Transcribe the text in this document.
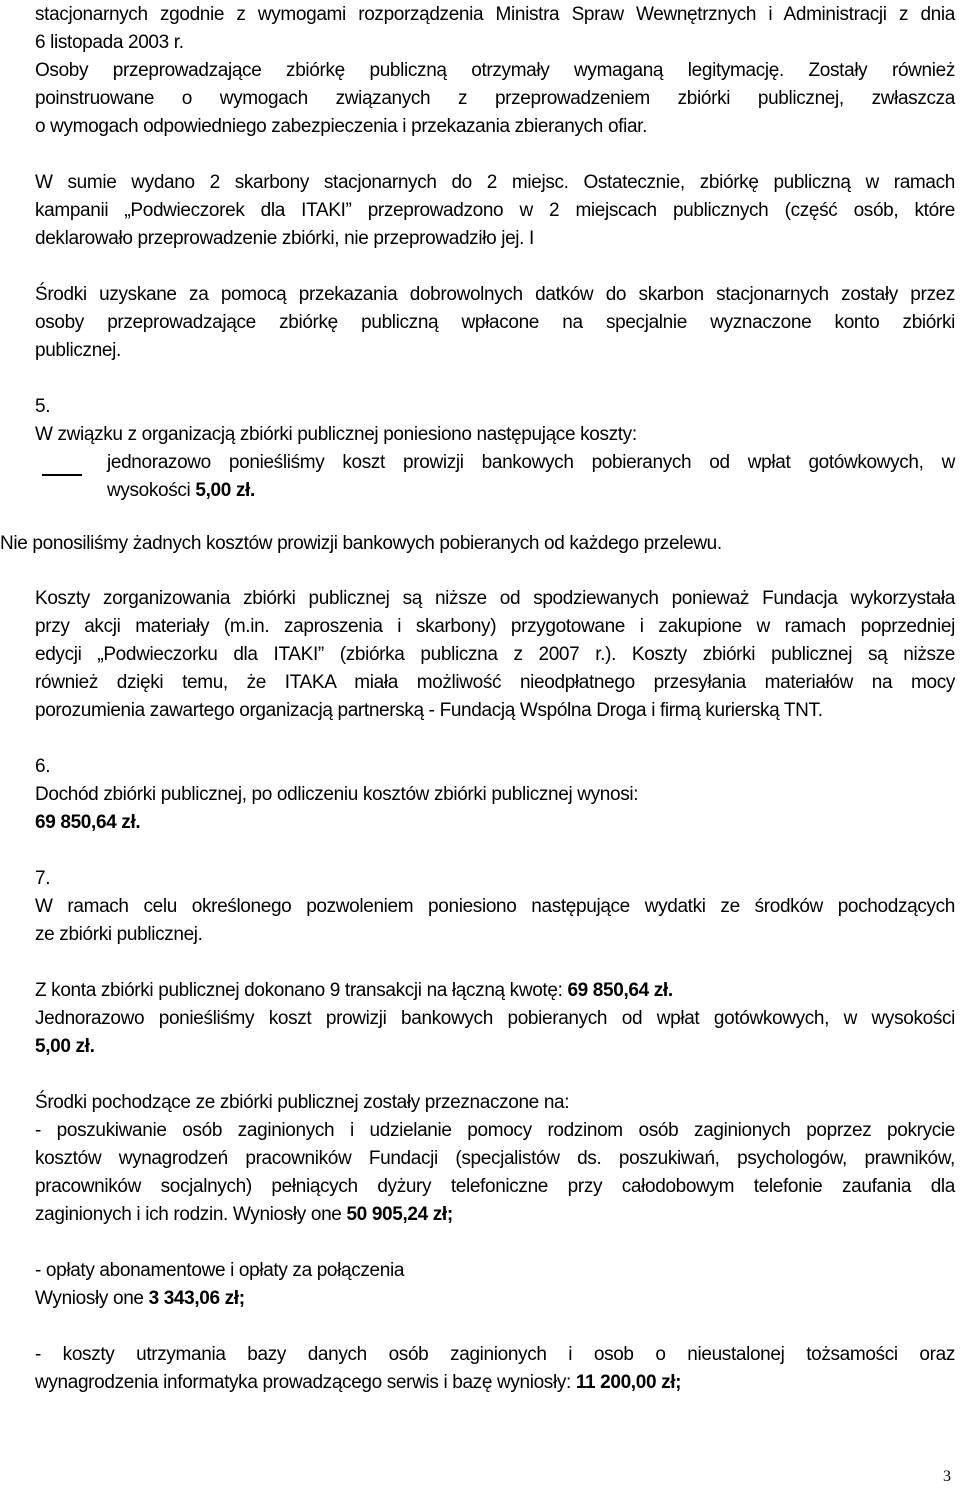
stacjonarnych zgodnie z wymogami rozporządzenia Ministra Spraw Wewnętrznych i Administracji z dnia
6 listopada 2003 r.
Osoby przeprowadzające zbiórkę publiczną otrzymały wymaganą legitymację. Zostały również
poinstruowane o wymogach związanych z przeprowadzeniem zbiórki publicznej, zwłaszcza
o wymogach odpowiedniego zabezpieczenia i przekazania zbieranych ofiar.
W sumie wydano 2 skarbony stacjonarnych do 2 miejsc. Ostatecznie, zbiórkę publiczną w ramach
kampanii „Podwieczorek dla ITAKI” przeprowadzono w 2 miejscach publicznych (część osób, które
deklarowało przeprowadzenie zbiórki, nie przeprowadziło jej. I
Środki uzyskane za pomocą przekazania dobrowolnych datków do skarbon stacjonarnych zostały przez
osoby przeprowadzające zbiórkę publiczną wpłacone na specjalnie wyznaczone konto zbiórki
publicznej.
5.
W związku z organizacją zbiórki publicznej poniesiono następujące koszty:
jednorazowo ponieśliśmy koszt prowizji bankowych pobieranych od wpłat gotówkowych, w
wysokości 5,00 zł.
Nie ponosiliśmy żadnych kosztów prowizji bankowych pobieranych od każdego przelewu.
Koszty zorganizowania zbiórki publicznej są niższe od spodziewanych ponieważ Fundacja wykorzystała
przy akcji materiały (m.in. zaproszenia i skarbony) przygotowane i zakupione w ramach poprzedniej
edycji „Podwieczorku dla ITAKI” (zbiórka publiczna z 2007 r.). Koszty zbiórki publicznej są niższe
również dzięki temu, że ITAKA miała możliwość nieodpłatnego przesyłania materiałów na mocy
porozumienia zawartego organizacją partnerską - Fundacją Wspólna Droga i firmą kurierską TNT.
6.
Dochód zbiórki publicznej, po odliczeniu kosztów zbiórki publicznej wynosi:
69 850,64 zł.
7.
W ramach celu określonego pozwoleniem poniesiono następujące wydatki ze środków pochodzących
ze zbiórki publicznej.
Z konta zbiórki publicznej dokonano 9 transakcji na łączną kwotę: 69 850,64 zł.
Jednorazowo ponieśliśmy koszt prowizji bankowych pobieranych od wpłat gotówkowych, w wysokości
5,00 zł.
Środki pochodzące ze zbiórki publicznej zostały przeznaczone na:
- poszukiwanie osób zaginionych i udzielanie pomocy rodzinom osób zaginionych poprzez pokrycie
kosztów wynagrodzeń pracowników Fundacji (specjalistów ds. poszukiwań, psychologów, prawników,
pracowników socjalnych) pełniących dyżury telefoniczne przy całodobowym telefonie zaufania dla
zaginionych i ich rodzin. Wyniosły one 50 905,24 zł;
- opłaty abonamentowe i opłaty za połączenia
Wyniosły one 3 343,06 zł;
- koszty utrzymania bazy danych osób zaginionych i osob o nieustalonej tożsamości oraz
wynagrodzenia informatyka prowadzącego serwis i bazę wyniosły: 11 200,00 zł;
3
